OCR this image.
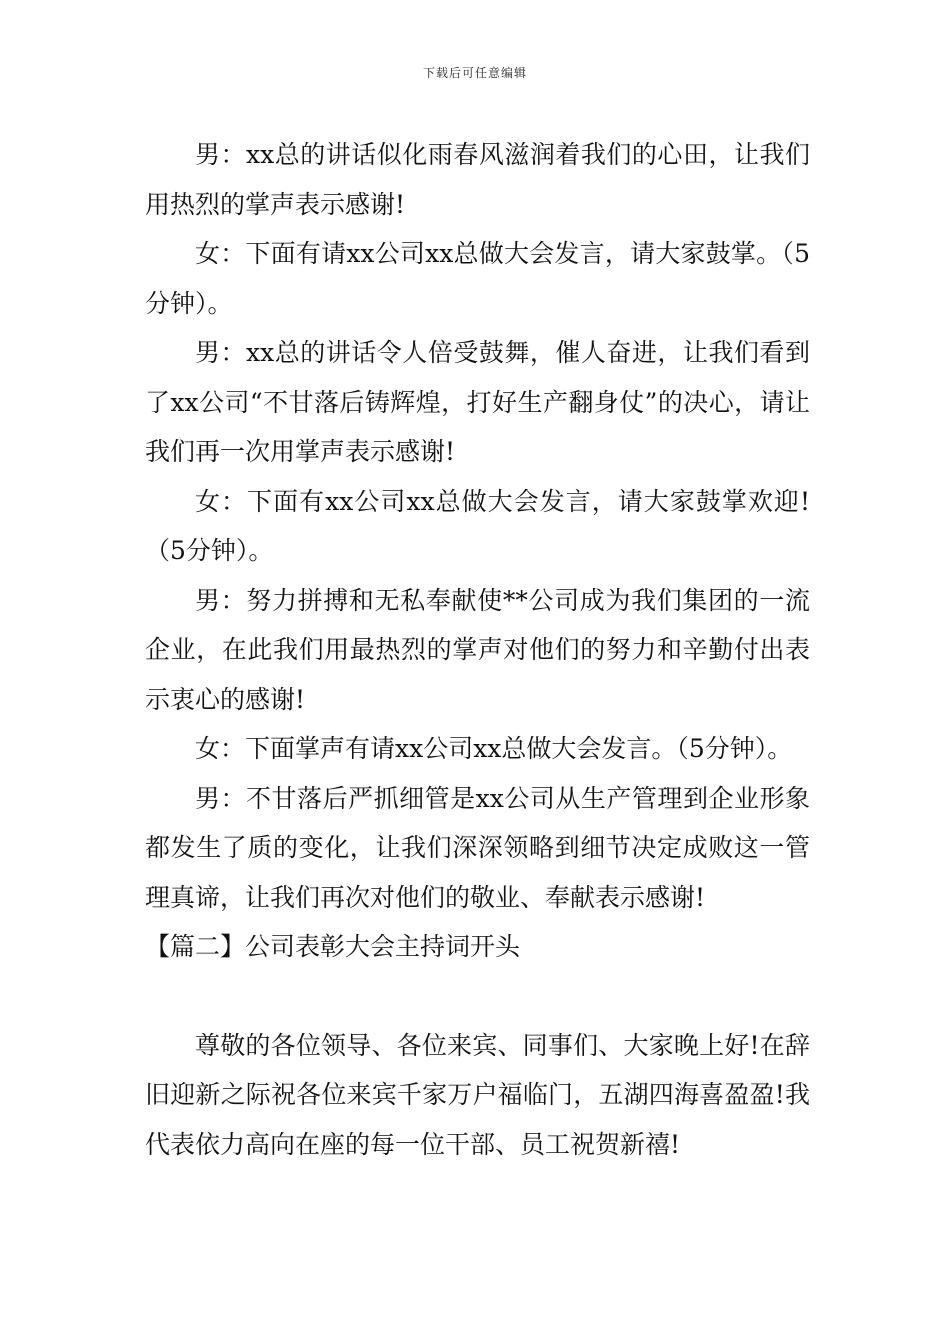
下载后可任意编辑

男：xx总的讲话似化雨春风滋润着我们的心田，让我们用热烈的掌声表示感谢!

女：下面有请xx公司xx总做大会发言，请大家鼓掌。（5分钟）。

男：xx总的讲话令人倍受鼓舞，催人奋进，让我们看到了xx公司“不甘落后铸辉煌，打好生产翻身仗”的决心，请让我们再一次用掌声表示感谢!

女：下面有xx公司xx总做大会发言，请大家鼓掌欢迎!（5分钟）。

男：努力拼搏和无私奉献使**公司成为我们集团的一流企业，在此我们用最热烈的掌声对他们的努力和辛勤付出表示衷心的感谢!

女：下面掌声有请xx公司xx总做大会发言。（5分钟）。

男：不甘落后严抓细管是xx公司从生产管理到企业形象都发生了质的变化，让我们深深领略到细节决定成败这一管理真谛，让我们再次对他们的敬业、奉献表示感谢!

【篇二】公司表彰大会主持词开头

尊敬的各位领导、各位来宾、同事们、大家晚上好!在辞旧迎新之际祝各位来宾千家万户福临门，五湖四海喜盈盈!我代表依力高向在座的每一位干部、员工祝贺新禧!
